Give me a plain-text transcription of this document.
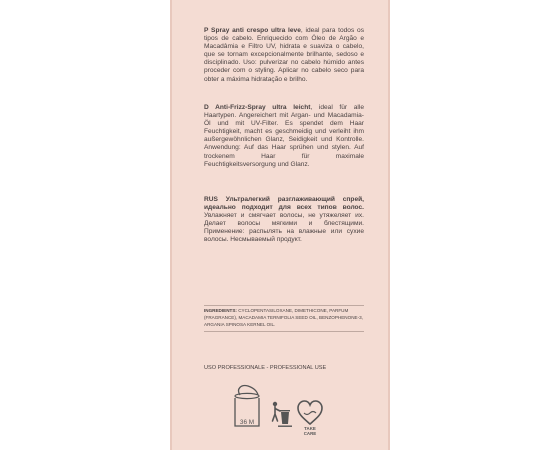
P Spray anti crespo ultra leve, ideal para todos os tipos de cabelo. Enriquecido com Óleo de Argão e Macadâmia e Filtro UV, hidrata e suaviza o cabelo, que se tornam excepcionalmente brilhante, sedoso e disciplinado. Uso: pulverizar no cabelo húmido antes proceder com o styling. Aplicar no cabelo seco para obter a máxima hidratação e brilho.
D Anti-Frizz-Spray ultra leicht, ideal für alle Haartypen. Angereichert mit Argan- und Macadamia-Öl und mit UV-Filter. Es spendet dem Haar Feuchtigkeit, macht es geschmeidig und verleiht ihm außergewöhnlichen Glanz, Seidigkeit und Kontrolle. Anwendung: Auf das Haar sprühen und stylen. Auf trockenem Haar für maximale Feuchtigkeitsversorgung und Glanz.
RUS Ультралегкий разглаживающий спрей, идеально подходит для всех типов волос. Увлажняет и смягчает волосы, не утяжеляет их. Делает волосы мягкими и блестящими. Применение: распылять на влажные или сухие волосы. Несмываемый продукт.
INGREDIENTS: CYCLOPENTASILOXANE, DIMETHICONE, PARFUM (FRAGRANCE), MACADAMIA TERNIFOLIA SEED OIL, BENZOPHENONE-3, ARGANIA SPINOSA KERNEL OIL.
USO PROFESSIONALE - PROFESSIONAL USE
36 M
TAKE
CARE
